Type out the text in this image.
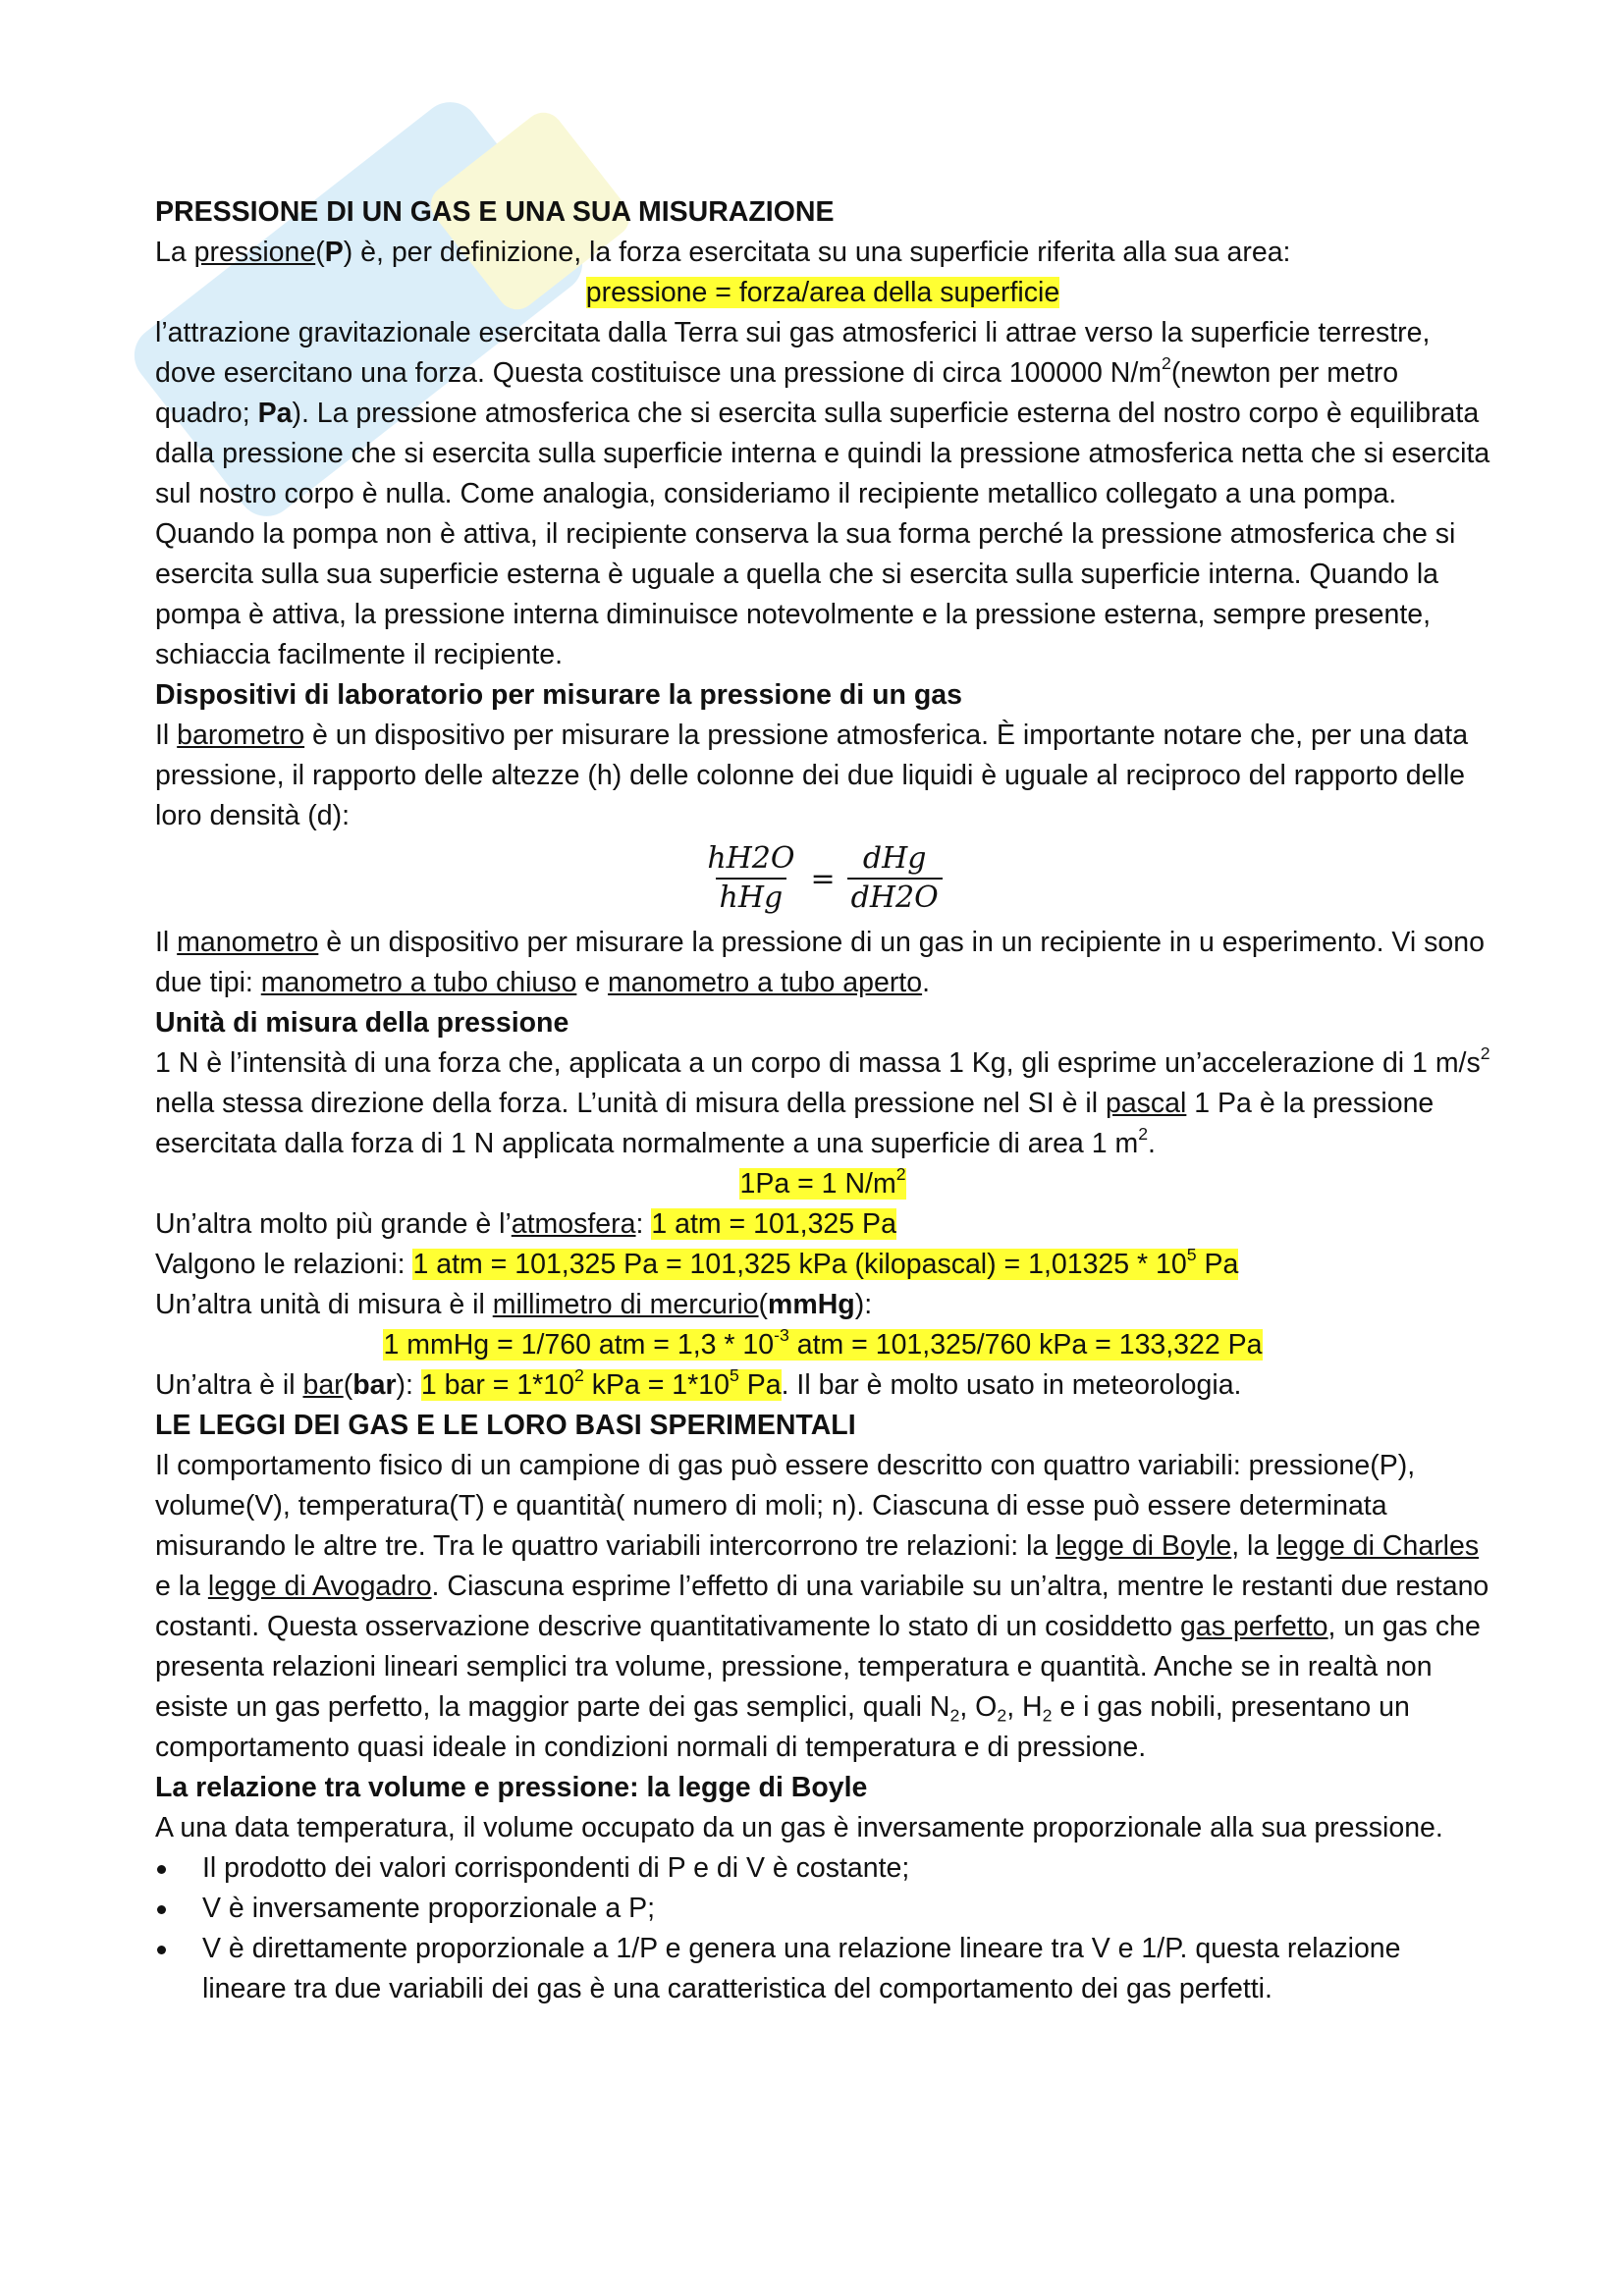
PRESSIONE DI UN GAS E UNA SUA MISURAZIONE

La pressione(P) è, per definizione, la forza esercitata su una superficie riferita alla sua area:

pressione = forza/area della superficie

l’attrazione gravitazionale esercitata dalla Terra sui gas atmosferici li attrae verso la superficie terrestre, dove esercitano una forza. Questa costituisce una pressione di circa 100000 $N/m^2(newton$ per metro quadro; Pa). La pressione atmosferica che si esercita sulla superficie esterna del nostro corpo è equilibrata dalla pressione che si esercita sulla superficie interna e quindi la pressione atmosferica netta che si esercita sul nostro corpo è nulla. Come analogia, consideriamo il recipiente metallico collegato a una pompa. Quando la pompa non è attiva, il recipiente conserva la sua forma perché la pressione atmosferica che si esercita sulla sua superficie esterna è uguale a quella che si esercita sulla superficie interna. Quando la pompa è attiva, la pressione interna diminuisce notevolmente e la pressione esterna, sempre presente, schiaccia facilmente il recipiente.

Dispositivi di laboratorio per misurare la pressione di un gas

Il barometro è un dispositivo per misurare la pressione atmosferica. È importante notare che, per una data pressione, il rapporto delle altezze (h) delle colonne dei due liquidi è uguale al reciproco del rapporto delle loro densità (d):

$\frac{hH2O}{\text{hHg}} = \frac{\text{dHg}}{dH2O}$

Il manometro è un dispositivo per misurare la pressione di un gas in un recipiente in u esperimento. Vi sono due tipi: manometro a tubo chiuso e manometro a tubo aperto.

Unità di misura della pressione

1 N è l’intensità di una forza che, applicata a un corpo di massa 1 Kg, gli esprime un’accelerazione di 1 $m/s^2$ nella stessa direzione della forza. L’unità di misura della pressione nel SI è il pascal 1 Pa è la pressione esercitata dalla forza di 1 N applicata normalmente a una superficie di area 1 $m^2$.

1Pa = 1 $N/m^2$

Un’altra molto più grande è l’atmosfera: 1 atm = 101,325 Pa

Valgono le relazioni: 1 atm = 101,325 Pa = 101,325 kPa (kilopascal) = $1,01325 * 10^5$ Pa

Un’altra unità di misura è il millimetro di mercurio(mmHg):

1 mmHg = 1/760 atm = $1,3 * 10^{-3}$ atm = 101,325/760 kPa = 133,322 Pa

Un’altra è il bar(bar): 1 bar = $1*10^2$ kPa = $1*10^5$ Pa. Il bar è molto usato in meteorologia.

LE LEGGI DEI GAS E LE LORO BASI SPERIMENTALI

Il comportamento fisico di un campione di gas può essere descritto con quattro variabili: pressione(P), volume(V), temperatura(T) e quantità( numero di moli; n). Ciascuna di esse può essere determinata misurando le altre tre. Tra le quattro variabili intercorrono tre relazioni: la legge di Boyle, la legge di Charles e la legge di Avogadro. Ciascuna esprime l’effetto di una variabile su un’altra, mentre le restanti due restano costanti. Questa osservazione descrive quantitativamente lo stato di un cosiddetto gas perfetto, un gas che presenta relazioni lineari semplici tra volume, pressione, temperatura e quantità. Anche se in realtà non esiste un gas perfetto, la maggior parte dei gas semplici, quali $N_2$, $O_2$, $H_2$ e i gas nobili, presentano un comportamento quasi ideale in condizioni normali di temperatura e di pressione.

La relazione tra volume e pressione: la legge di Boyle

A una data temperatura, il volume occupato da un gas è inversamente proporzionale alla sua pressione.

Il prodotto dei valori corrispondenti di P e di V è costante;
V è inversamente proporzionale a P;
V è direttamente proporzionale a 1/P e genera una relazione lineare tra V e 1/P. questa relazione lineare tra due variabili dei gas è una caratteristica del comportamento dei gas perfetti.
